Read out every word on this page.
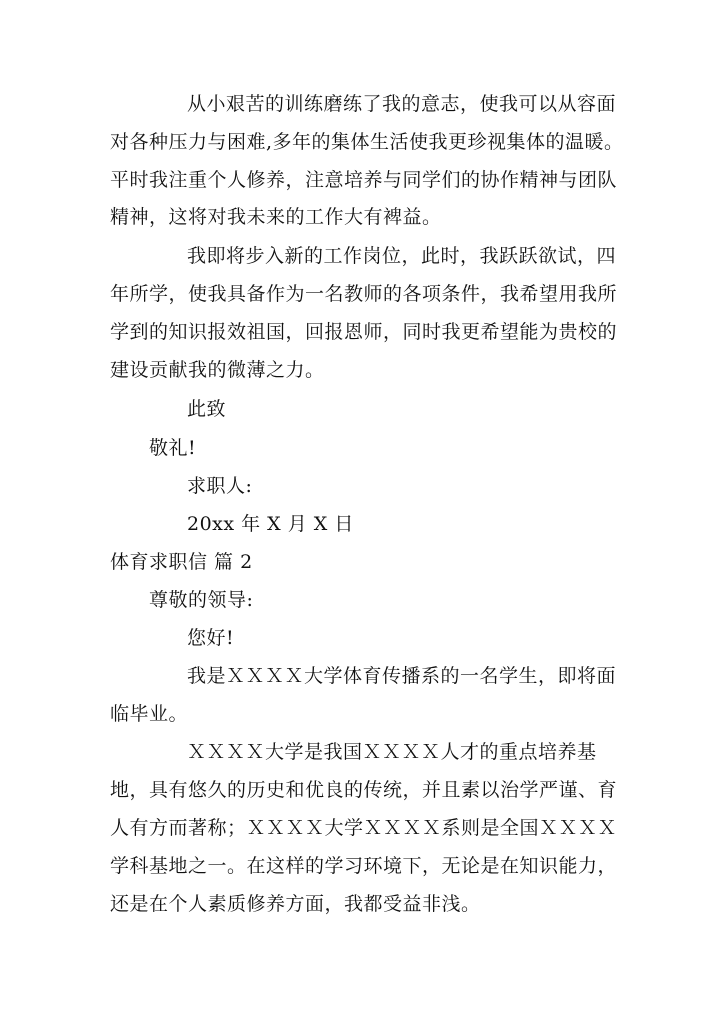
从小艰苦的训练磨练了我的意志，使我可以从容面
对各种压力与困难,多年的集体生活使我更珍视集体的温暖。
平时我注重个人修养，注意培养与同学们的协作精神与团队
精神，这将对我未来的工作大有裨益。
我即将步入新的工作岗位，此时，我跃跃欲试，四
年所学，使我具备作为一名教师的各项条件，我希望用我所
学到的知识报效祖国，回报恩师，同时我更希望能为贵校的
建设贡献我的微薄之力。
此致
敬礼!
求职人:
20xx 年 X 月 X 日
体育求职信 篇 2
尊敬的领导:
您好!
我是ＸＸＸＸ大学体育传播系的一名学生，即将面
临毕业。
ＸＸＸＸ大学是我国ＸＸＸＸ人才的重点培养基
地，具有悠久的历史和优良的传统，并且素以治学严谨、育
人有方而著称；ＸＸＸＸ大学ＸＸＸＸ系则是全国ＸＸＸＸ
学科基地之一。在这样的学习环境下，无论是在知识能力，
还是在个人素质修养方面，我都受益非浅。
